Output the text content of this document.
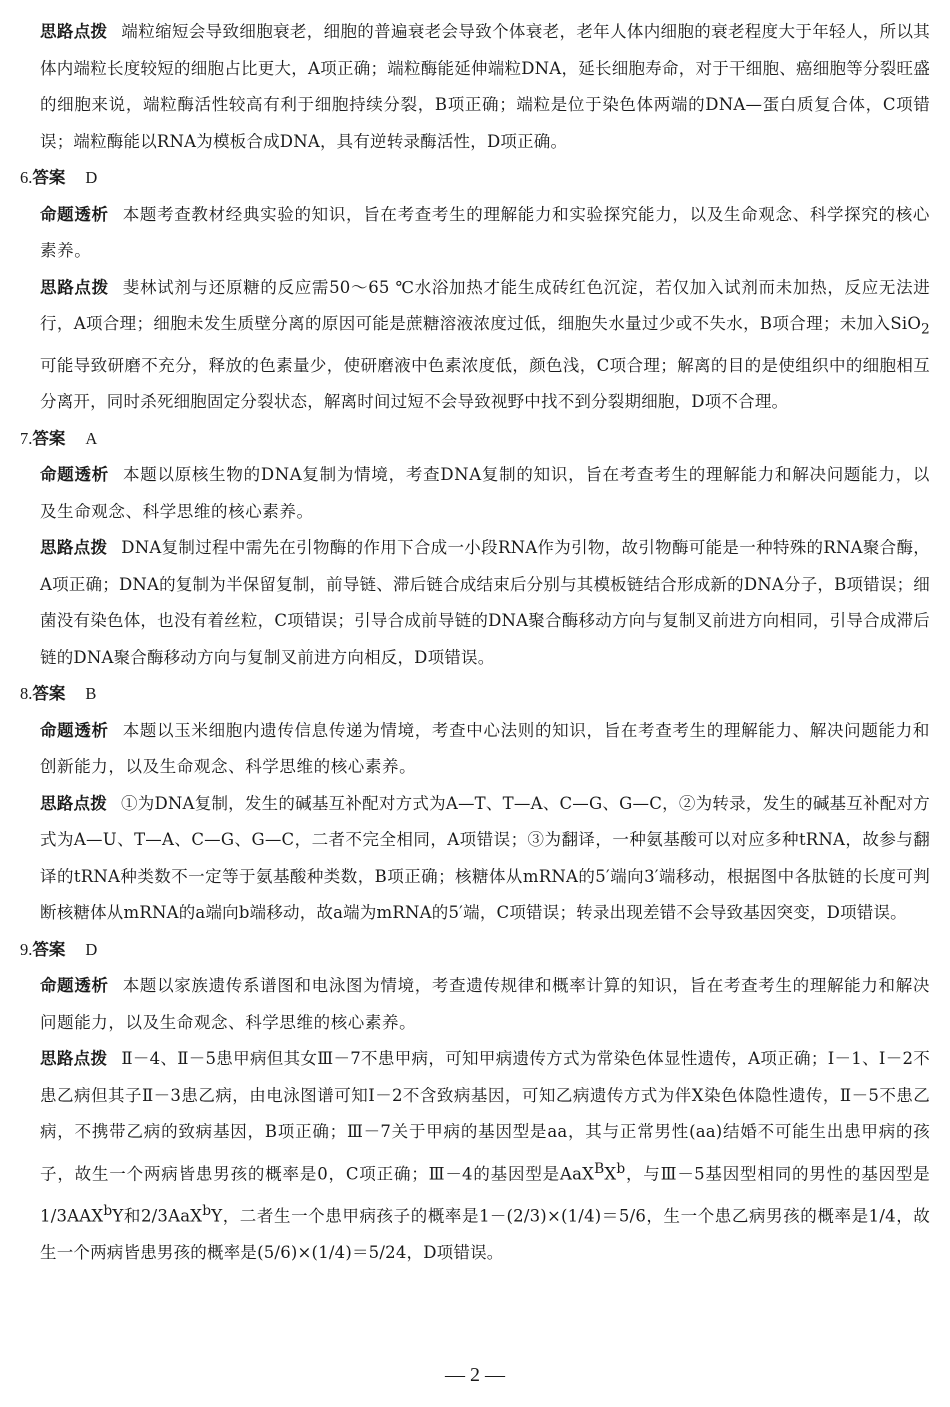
思路点拨 端粒缩短会导致细胞衰老，细胞的普遍衰老会导致个体衰老，老年人体内细胞的衰老程度大于年轻人，所以其体内端粒长度较短的细胞占比更大，A项正确；端粒酶能延伸端粒DNA，延长细胞寿命，对于干细胞、癌细胞等分裂旺盛的细胞来说，端粒酶活性较高有利于细胞持续分裂，B项正确；端粒是位于染色体两端的DNA—蛋白质复合体，C项错误；端粒酶能以RNA为模板合成DNA，具有逆转录酶活性，D项正确。

6.答案 D

命题透析 本题考查教材经典实验的知识，旨在考查考生的理解能力和实验探究能力，以及生命观念、科学探究的核心素养。

思路点拨 斐林试剂与还原糖的反应需50～65 ℃水浴加热才能生成砖红色沉淀，若仅加入试剂而未加热，反应无法进行，A项合理；细胞未发生质壁分离的原因可能是蔗糖溶液浓度过低，细胞失水量过少或不失水，B项合理；未加入SiO$_2$可能导致研磨不充分，释放的色素量少，使研磨液中色素浓度低，颜色浅，C项合理；解离的目的是使组织中的细胞相互分离开，同时杀死细胞固定分裂状态，解离时间过短不会导致视野中找不到分裂期细胞，D项不合理。

7.答案 A

命题透析 本题以原核生物的DNA复制为情境，考查DNA复制的知识，旨在考查考生的理解能力和解决问题能力，以及生命观念、科学思维的核心素养。

思路点拨 DNA复制过程中需先在引物酶的作用下合成一小段RNA作为引物，故引物酶可能是一种特殊的RNA聚合酶，A项正确；DNA的复制为半保留复制，前导链、滞后链合成结束后分别与其模板链结合形成新的DNA分子，B项错误；细菌没有染色体，也没有着丝粒，C项错误；引导合成前导链的DNA聚合酶移动方向与复制叉前进方向相同，引导合成滞后链的DNA聚合酶移动方向与复制叉前进方向相反，D项错误。

8.答案 B

命题透析 本题以玉米细胞内遗传信息传递为情境，考查中心法则的知识，旨在考查考生的理解能力、解决问题能力和创新能力，以及生命观念、科学思维的核心素养。

思路点拨 ①为DNA复制，发生的碱基互补配对方式为A—T、T—A、C—G、G—C，②为转录，发生的碱基互补配对方式为A—U、T—A、C—G、G—C，二者不完全相同，A项错误；③为翻译，一种氨基酸可以对应多种tRNA，故参与翻译的tRNA种类数不一定等于氨基酸种类数，B项正确；核糖体从mRNA的5′端向3′端移动，根据图中各肽链的长度可判断核糖体从mRNA的a端向b端移动，故a端为mRNA的5′端，C项错误；转录出现差错不会导致基因突变，D项错误。

9.答案 D

命题透析 本题以家族遗传系谱图和电泳图为情境，考查遗传规律和概率计算的知识，旨在考查考生的理解能力和解决问题能力，以及生命观念、科学思维的核心素养。

思路点拨 Ⅱ－4、Ⅱ－5患甲病但其女Ⅲ－7不患甲病，可知甲病遗传方式为常染色体显性遗传，A项正确；Ⅰ－1、Ⅰ－2不患乙病但其子Ⅱ－3患乙病，由电泳图谱可知Ⅰ－2不含致病基因，可知乙病遗传方式为伴X染色体隐性遗传，Ⅱ－5不患乙病，不携带乙病的致病基因，B项正确；Ⅲ－7关于甲病的基因型是aa，其与正常男性(aa)结婚不可能生出患甲病的孩子，故生一个两病皆患男孩的概率是0，C项正确；Ⅲ－4的基因型是$AaX^BX^b$，与Ⅲ－5基因型相同的男性的基因型是1/3AAX$^b$Y和2/3AaX$^b$Y，二者生一个患甲病孩子的概率是1－(2/3)×(1/4)＝5/6，生一个患乙病男孩的概率是1/4，故生一个两病皆患男孩的概率是(5/6)×(1/4)＝5/24，D项错误。

— 2 —
